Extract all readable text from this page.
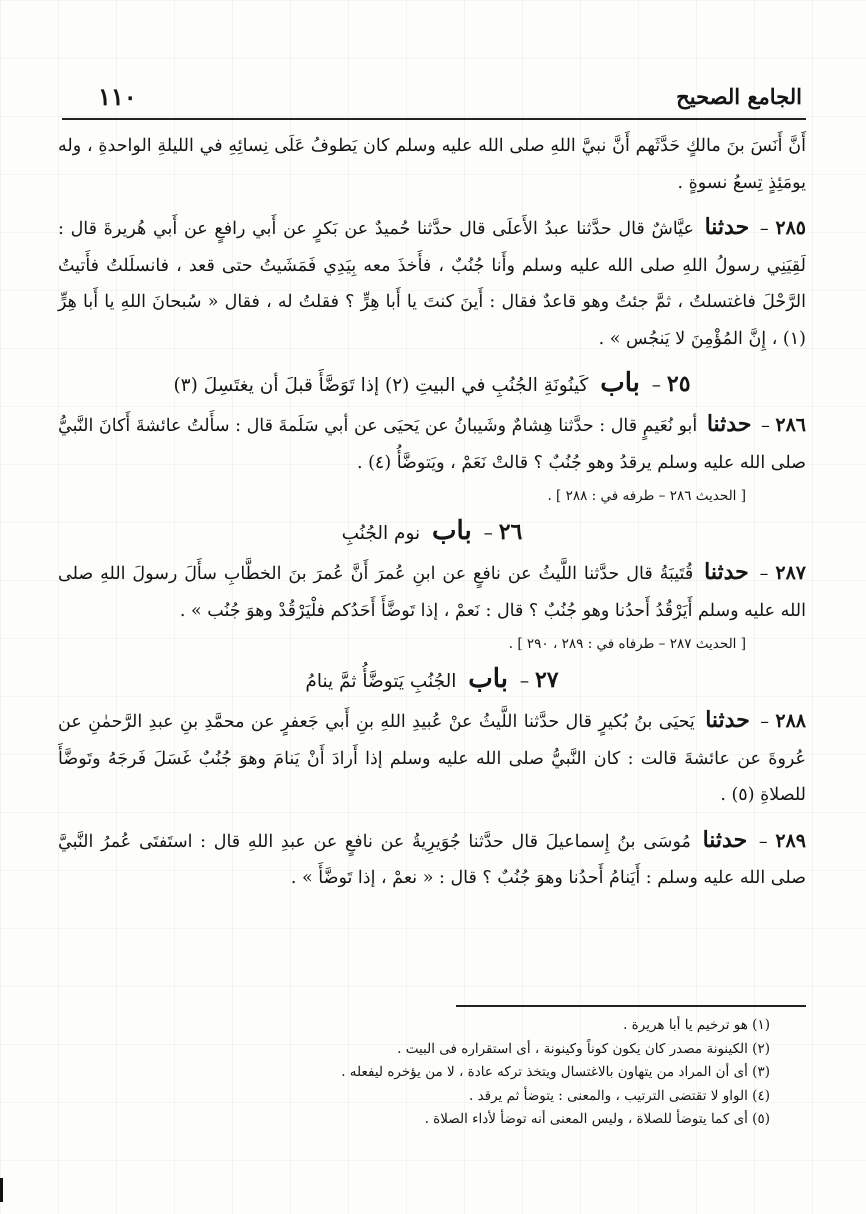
١١٠	الجامع الصحيح

أَنَّ أَنَسَ بنَ مالكٍ حَدَّثَهم أَنَّ نبيَّ اللهِ صلى الله عليه وسلم كان يَطوفُ عَلَى نِسائِهِ في الليلةِ الواحدةِ ، وله يومَئِذٍ تِسعُ نسوةٍ .

٢٨٥ – حدثنا عيَّاشٌ قال حدَّثنا عبدُ الأَعلَى قال حدَّثنا حُميدٌ عن بَكرٍ عن أَبي رافعٍ عن أَبي هُريرةَ قال : لَقِيَنِي رسولُ اللهِ صلى الله عليه وسلم وأَنا جُنُبٌ ، فأَخذَ معه بِيَدِي فَمَشَيتُ حتى قعد ، فانسلَلتُ فأَتيتُ الرَّحْلَ فاغتسلتُ ، ثمَّ جئتُ وهو قاعدٌ فقال : أَينَ كنتَ يا أَبا هِرٍّ ؟ فقلتُ له ، فقال « سُبحانَ اللهِ يا أَبا هِرٍّ (١) ، إِنَّ المُؤْمِنَ لا يَنجُس » .

٢٥ – باب كَينُونَةِ الجُنُبِ في البيتِ (٢) إذا تَوَضَّأَ قبلَ أن يغتَسِلَ (٣)

٢٨٦ – حدثنا أبو نُعَيمٍ قال : حدَّثنا هِشامٌ وشَيبانُ عن يَحيَى عن أبي سَلَمةَ قال : سأَلتُ عائشةَ أَكانَ النَّبيُّ صلى الله عليه وسلم يرقدُ وهو جُنُبٌ ؟ قالتْ نَعَمْ ، ويَتوضَّأُ (٤) .

[ الحديث ٢٨٦ – طرفه في : ٢٨٨ ] .

٢٦ – باب نوم الجُنُبِ

٢٨٧ – حدثنا قُتَيبَةُ قال حدَّثنا اللَّيثُ عن نافعٍ عن ابنِ عُمرَ أَنَّ عُمرَ بنَ الخطَّابِ سأَلَ رسولَ اللهِ صلى الله عليه وسلم أَيَرْقُدُ أَحدُنا وهو جُنُبٌ ؟ قال : نَعمْ ، إذا تَوضَّأَ أَحَدُكم فلْيَرْقُدْ وهوَ جُنُب » .

[ الحديث ٢٨٧ – طرفاه في : ٢٨٩ ، ٢٩٠ ] .

٢٧ – باب الجُنُبِ يَتوضَّأُ ثمَّ ينامُ

٢٨٨ – حدثنا يَحيَى بنُ بُكيرٍ قال حدَّثنا اللَّيثُ عنْ عُبيدِ اللهِ بنِ أَبي جَعفرٍ عن محمَّدِ بنِ عبدِ الرَّحمٰنِ عن عُروةَ عن عائشةَ قالت : كان النَّبيُّ صلى الله عليه وسلم إذا أَرادَ أَنْ يَنامَ وهوَ جُنُبٌ غَسَلَ فَرجَهُ وتَوضَّأَ للصلاةِ (٥) .

٢٨٩ – حدثنا مُوسَى بنُ إِسماعيلَ قال حدَّثنا جُوَيرِيةُ عن نافعٍ عن عبدِ اللهِ قال : استَفتَى عُمرُ النَّبيَّ صلى الله عليه وسلم : أَيَنامُ أَحدُنا وهوَ جُنُبٌ ؟ قال : « نعمْ ، إذا تَوضَّأَ » .

(١) هو ترخيم يا أبا هريرة .

(٢) الكينونة مصدر كان يكون كوناً وكينونة ، أى استقراره فى البيت .

(٣) أى أن المراد من يتهاون بالاغتسال ويتخذ تركه عادة ، لا من يؤخره ليفعله .

(٤) الواو لا تقتضى الترتيب ، والمعنى : يتوضأ ثم يرقد .

(٥) أى كما يتوضأ للصلاة ، وليس المعنى أنه توضأ لأداء الصلاة .
